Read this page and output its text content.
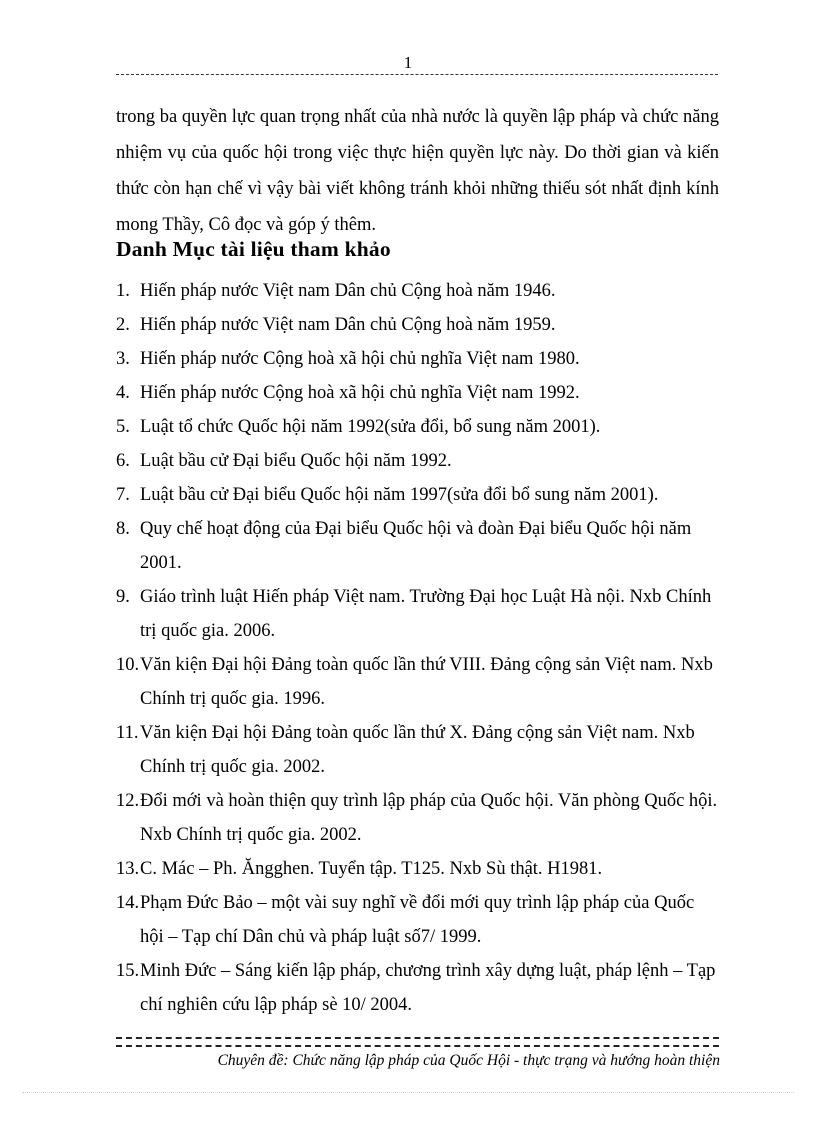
1

trong ba quyền lực quan trọng nhất của nhà nước là quyền lập pháp và chức năng nhiệm vụ của quốc hội trong việc thực hiện quyền lực này. Do thời gian và kiến thức còn hạn chế vì vậy bài viết không tránh khỏi những thiếu sót nhất định kính mong Thầy, Cô đọc và góp ý thêm.

Danh Mục tài liệu tham khảo
1. Hiến pháp nước Việt nam Dân chủ Cộng hoà năm 1946.
2. Hiến pháp nước Việt nam Dân chủ Cộng hoà năm 1959.
3. Hiến pháp nước Cộng hoà xã hội chủ nghĩa Việt nam 1980.
4. Hiến pháp nước Cộng hoà xã hội chủ nghĩa Việt nam 1992.
5. Luật tổ chức Quốc hội năm 1992(sửa đổi, bổ sung năm 2001).
6. Luật bầu cử Đại biểu Quốc hội năm 1992.
7. Luật bầu cử Đại biểu Quốc hội năm 1997(sửa đổi bổ sung năm 2001).
8. Quy chế hoạt động của Đại biểu Quốc hội và đoàn Đại biểu Quốc hội năm 2001.
9. Giáo trình luật Hiến pháp Việt nam. Trường Đại học Luật Hà nội. Nxb Chính trị quốc gia. 2006.
10. Văn kiện Đại hội Đảng toàn quốc lần thứ VIII. Đảng cộng sản Việt nam. Nxb Chính trị quốc gia. 1996.
11. Văn kiện Đại hội Đảng toàn quốc lần thứ X. Đảng cộng sản Việt nam. Nxb Chính trị quốc gia. 2002.
12. Đổi mới và hoàn thiện quy trình lập pháp của Quốc hội. Văn phòng Quốc hội. Nxb Chính trị quốc gia. 2002.
13. C. Mác – Ph. Ăngghen. Tuyển tập. T125. Nxb Sù thật. H1981.
14. Phạm Đức Bảo – một vài suy nghĩ về đổi mới quy trình lập pháp của Quốc hội – Tạp chí Dân chủ và pháp luật số7/ 1999.
15. Minh Đức – Sáng kiến lập pháp, chương trình xây dựng luật, pháp lệnh – Tạp chí nghiên cứu lập pháp sè 10/ 2004.
Chuyên đề: Chức năng lập pháp của Quốc Hội - thực trạng và hướng hoàn thiện
